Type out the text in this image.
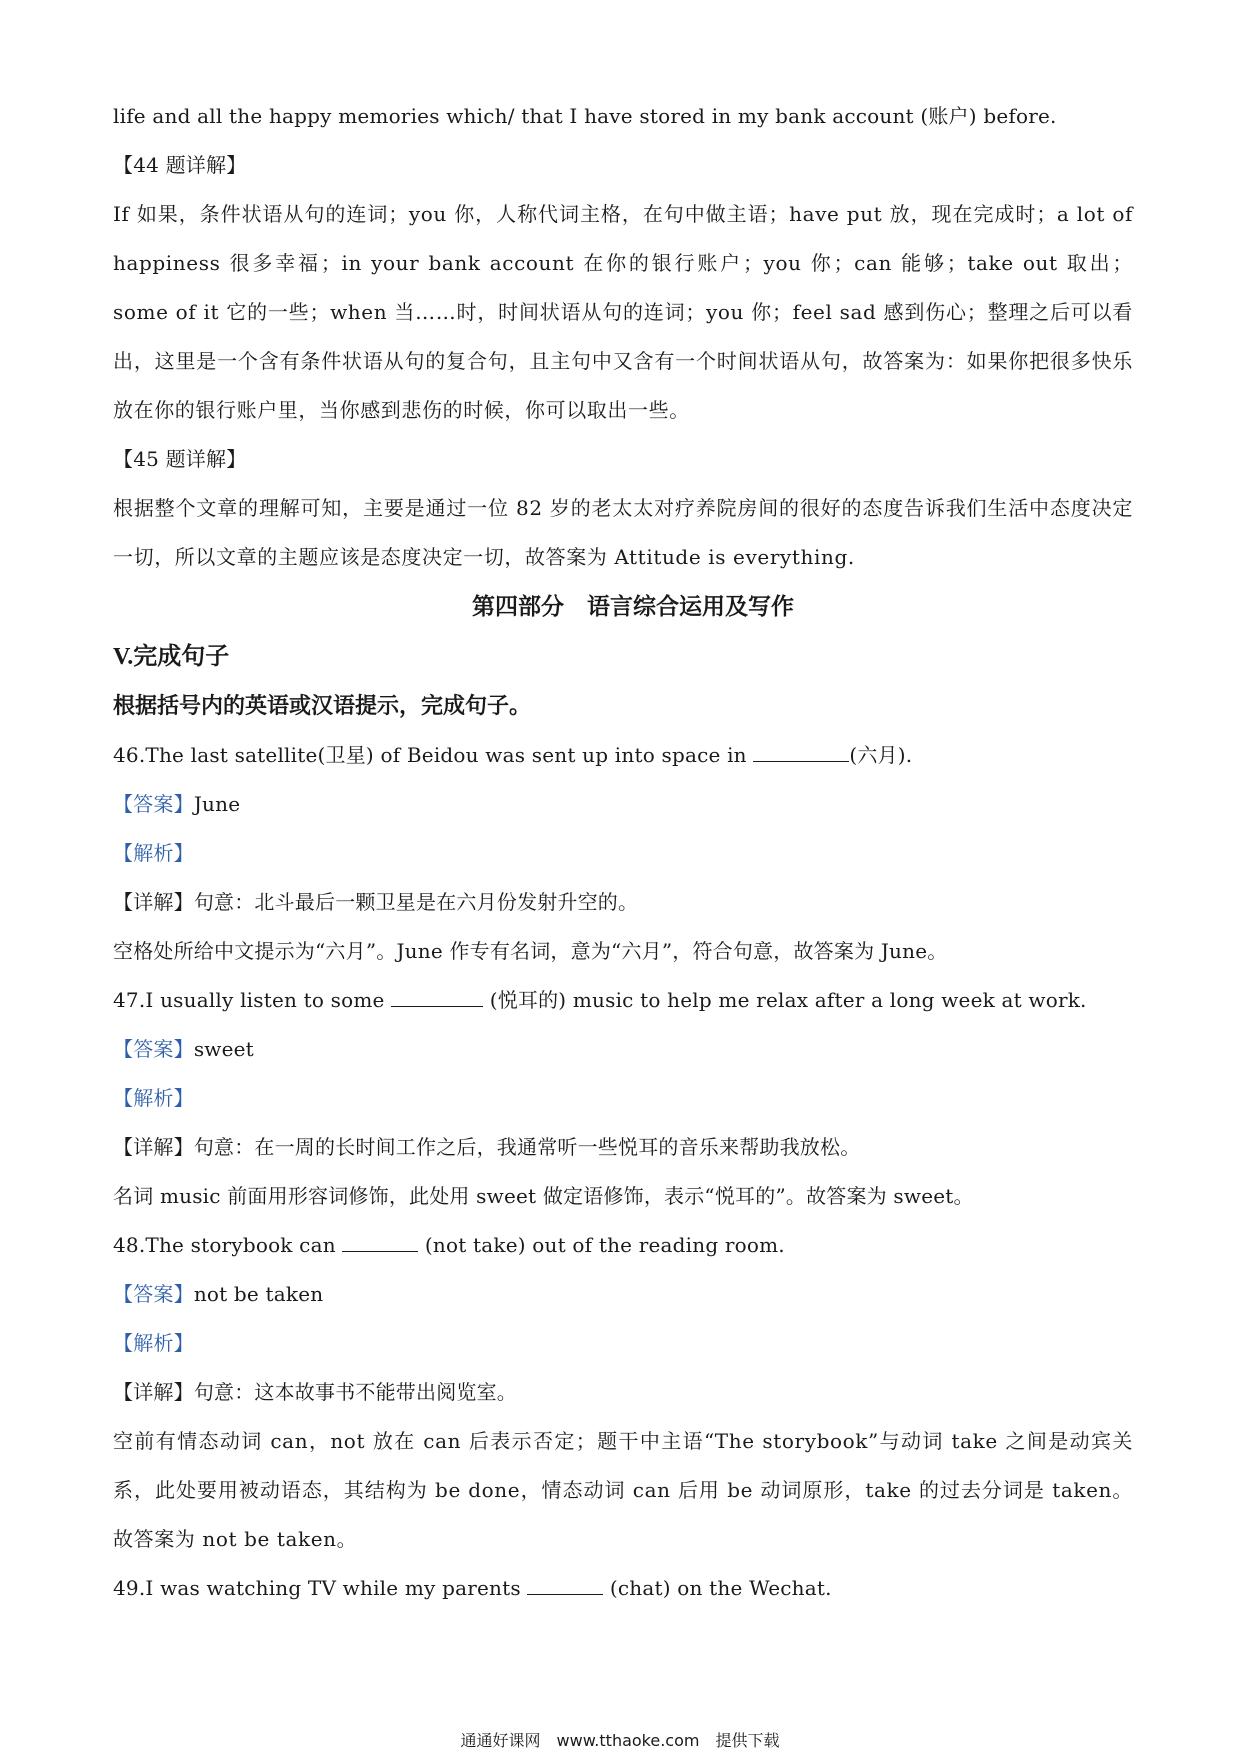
life and all the happy memories which/ that I have stored in my bank account (账户) before.
【44 题详解】
If 如果，条件状语从句的连词；you 你，人称代词主格，在句中做主语；have put 放，现在完成时；a lot of happiness 很多幸福；in your bank account 在你的银行账户；you 你；can 能够；take out 取出；some of it 它的一些；when 当……时，时间状语从句的连词；you 你；feel sad 感到伤心；整理之后可以看出，这里是一个含有条件状语从句的复合句，且主句中又含有一个时间状语从句，故答案为：如果你把很多快乐放在你的银行账户里，当你感到悲伤的时候，你可以取出一些。
【45 题详解】
根据整个文章的理解可知，主要是通过一位 82 岁的老太太对疗养院房间的很好的态度告诉我们生活中态度决定一切，所以文章的主题应该是态度决定一切，故答案为 Attitude is everything.
第四部分　语言综合运用及写作
V.完成句子
根据括号内的英语或汉语提示，完成句子。
46.The last satellite(卫星) of Beidou was sent up into space in	(六月).
【答案】June
【解析】
【详解】句意：北斗最后一颗卫星是在六月份发射升空的。
空格处所给中文提示为“六月”。June 作专有名词，意为“六月”，符合句意，故答案为 June。
47.I usually listen to some	(悦耳的) music to help me relax after a long week at work.
【答案】sweet
【解析】
【详解】句意：在一周的长时间工作之后，我通常听一些悦耳的音乐来帮助我放松。
名词 music 前面用形容词修饰，此处用 sweet 做定语修饰，表示“悦耳的”。故答案为 sweet。
48.The storybook can	(not take) out of the reading room.
【答案】not be taken
【解析】
【详解】句意：这本故事书不能带出阅览室。
空前有情态动词 can，not 放在 can 后表示否定；题干中主语“The storybook”与动词 take 之间是动宾关系，此处要用被动语态，其结构为 be done，情态动词 can 后用 be 动词原形，take 的过去分词是 taken。故答案为 not be taken。
49.I was watching TV while my parents	(chat) on the Wechat.
通通好课网　www.tthaoke.com　提供下载
